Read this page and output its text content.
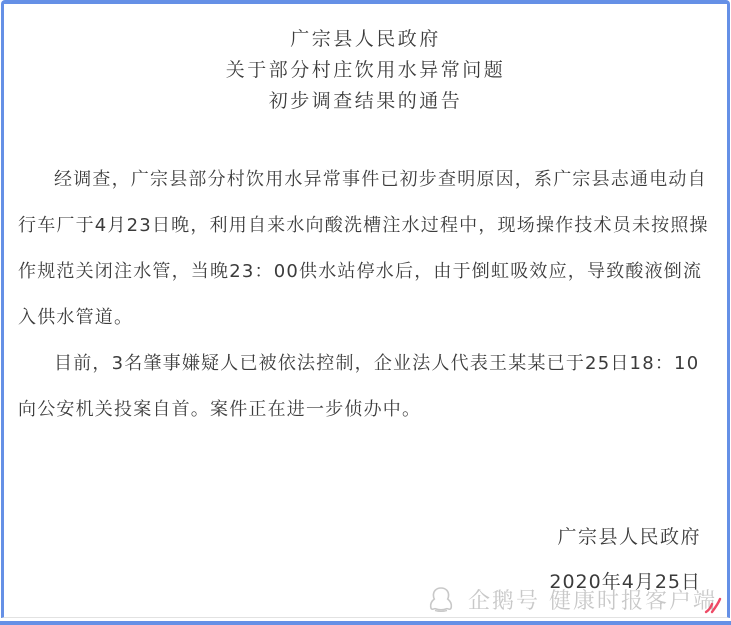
广宗县人民政府
关于部分村庄饮用水异常问题
初步调查结果的通告

经调查，广宗县部分村饮用水异常事件已初步查明原因，系广宗县志通电动自行车厂于4月23日晚，利用自来水向酸洗槽注水过程中，现场操作技术员未按照操作规范关闭注水管，当晚23：00供水站停水后，由于倒虹吸效应，导致酸液倒流入供水管道。

目前，3名肇事嫌疑人已被依法控制，企业法人代表王某某已于25日18：10向公安机关投案自首。案件正在进一步侦办中。

广宗县人民政府
2020年4月25日
企鹅号 健康时报客户端
